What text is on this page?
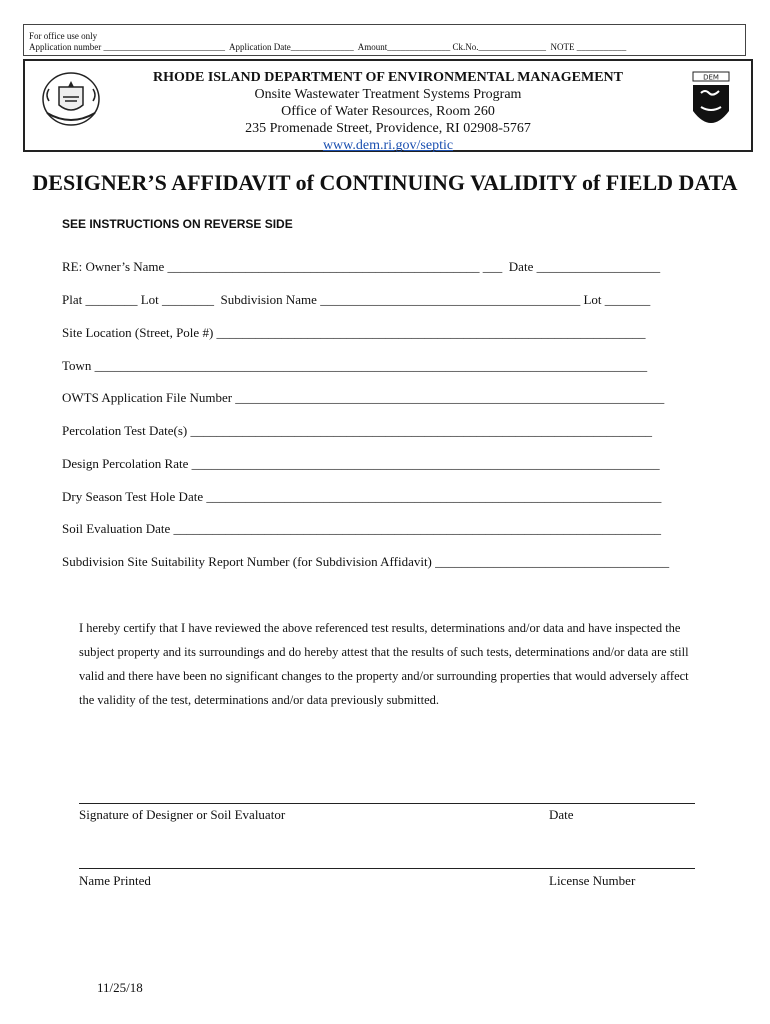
For office use only
Application number ___________________________  Application Date______________  Amount______________ Ck.No._______________  NOTE ___________
RHODE ISLAND DEPARTMENT OF ENVIRONMENTAL MANAGEMENT
Onsite Wastewater Treatment Systems Program
Office of Water Resources, Room 260
235 Promenade Street, Providence, RI 02908-5767
www.dem.ri.gov/septic
DEM
DESIGNER’S AFFIDAVIT of CONTINUING VALIDITY of FIELD DATA
SEE INSTRUCTIONS ON REVERSE SIDE
RE: Owner’s Name ________________________________________________ ___  Date ___________________
Plat ________ Lot ________  Subdivision Name ________________________________________ Lot _______
Site Location (Street, Pole #) __________________________________________________________________
Town _____________________________________________________________________________________
OWTS Application File Number __________________________________________________________________
Percolation Test Date(s) _______________________________________________________________________
Design Percolation Rate ________________________________________________________________________
Dry Season Test Hole Date ______________________________________________________________________
Soil Evaluation Date ___________________________________________________________________________
Subdivision Site Suitability Report Number (for Subdivision Affidavit) ____________________________________
I hereby certify that I have reviewed the above referenced test results, determinations and/or data and have inspected the subject property and its surroundings and do hereby attest that the results of such tests, determinations and/or data are still valid and there have been no significant changes to the property and/or surrounding properties that would adversely affect the validity of the test, determinations and/or data previously submitted.
Signature of Designer or Soil Evaluator	Date
Name Printed	License Number
11/25/18
